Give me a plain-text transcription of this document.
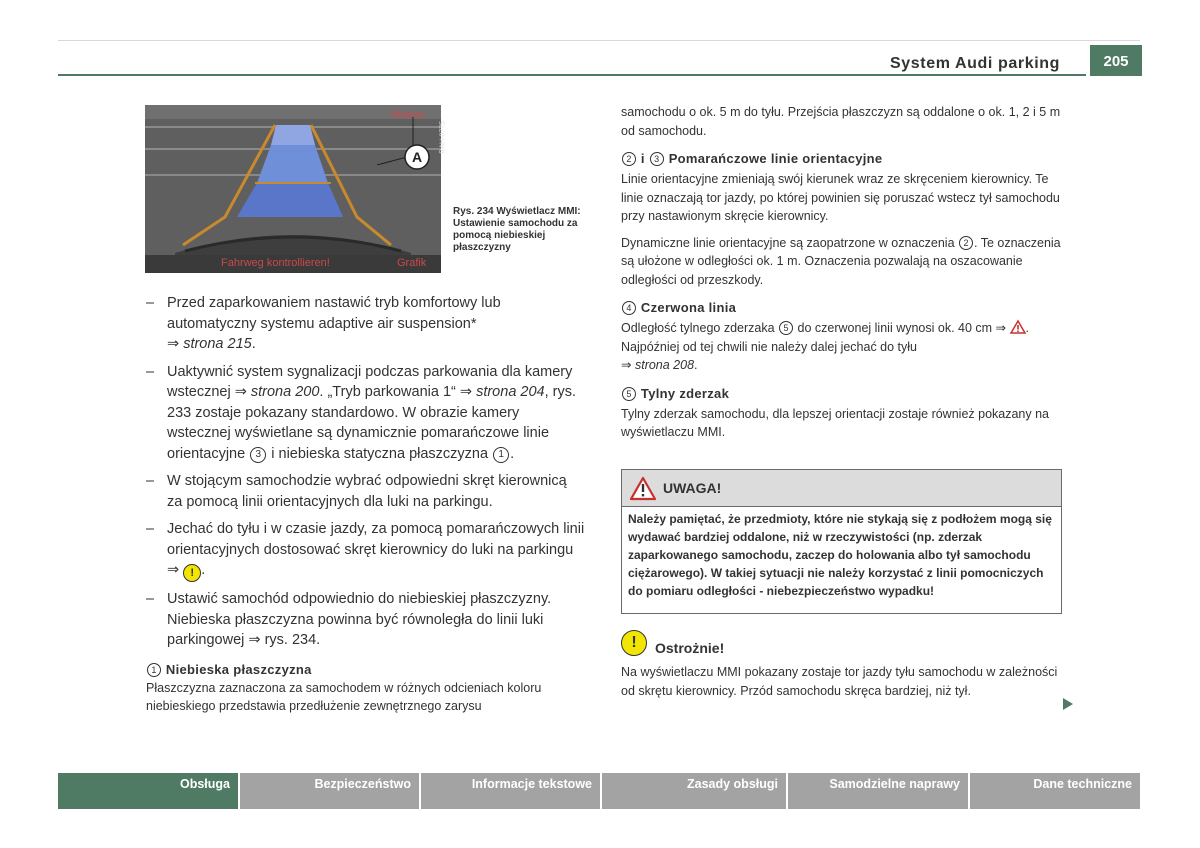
System Audi parking	205
Modus
A
RAH-0775
Fahrweg kontrollieren!	Grafik
Rys. 234 Wyświetlacz MMI: Ustawienie samochodu za pomocą niebieskiej płaszczyzny
– Przed zaparkowaniem nastawić tryb komfortowy lub automatyczny systemu adaptive air suspension*
⇒ strona 215.
– Uaktywnić system sygnalizacji podczas parkowania dla kamery wstecznej ⇒ strona 200. „Tryb parkowania 1“ ⇒ strona 204, rys. 233 zostaje pokazany standardowo. W obrazie kamery wstecznej wyświetlane są dynamicznie pomarańczowe linie orientacyjne 3 i niebieska statyczna płaszczyzna 1 .
– W stojącym samochodzie wybrać odpowiedni skręt kierownicą za pomocą linii orientacyjnych dla luki na parkingu.
– Jechać do tyłu i w czasie jazdy, za pomocą pomarańczowych linii orientacyjnych dostosować skręt kierownicy do luki na parkingu ⇒ ! .
– Ustawić samochód odpowiednio do niebieskiej płaszczyzny. Niebieska płaszczyzna powinna być równoległa do linii luki parkingowej ⇒ rys. 234.
1 Niebieska płaszczyzna
Płaszczyzna zaznaczona za samochodem w różnych odcieniach koloru niebieskiego przedstawia przedłużenie zewnętrznego zarysu

samochodu o ok. 5 m do tyłu. Przejścia płaszczyzn są oddalone o ok. 1, 2 i 5 m od samochodu.

2 i 3 Pomarańczowe linie orientacyjne

Linie orientacyjne zmieniają swój kierunek wraz ze skręceniem kierownicy. Te linie oznaczają tor jazdy, po której powinien się poruszać wstecz tył samochodu przy nastawionym skręcie kierownicy.

Dynamiczne linie orientacyjne są zaopatrzone w oznaczenia 2 . Te oznaczenia są ułożone w odległości ok. 1 m. Oznaczenia pozwalają na oszacowanie odległości od przeszkody.

4 Czerwona linia

Odległość tylnego zderzaka 5 do czerwonej linii wynosi ok. 40 cm ⇒ . Najpóźniej od tej chwili nie należy dalej jechać do tyłu
⇒ strona 208.

5 Tylny zderzak

Tylny zderzak samochodu, dla lepszej orientacji zostaje również pokazany na wyświetlaczu MMI.

UWAGA!
Należy pamiętać, że przedmioty, które nie stykają się z podłożem mogą się wydawać bardziej oddalone, niż w rzeczywistości (np. zderzak zaparkowanego samochodu, zaczep do holowania albo tył samochodu ciężarowego). W takiej sytuacji nie należy korzystać z linii pomocniczych do pomiaru odległości - niebezpieczeństwo wypadku!
!	Ostrożnie!
Na wyświetlaczu MMI pokazany zostaje tor jazdy tyłu samochodu w zależności od skrętu kierownicy. Przód samochodu skręca bardziej, niż tył.
Obsługa	Bezpieczeństwo	Informacje tekstowe	Zasady obsługi	Samodzielne naprawy	Dane techniczne
